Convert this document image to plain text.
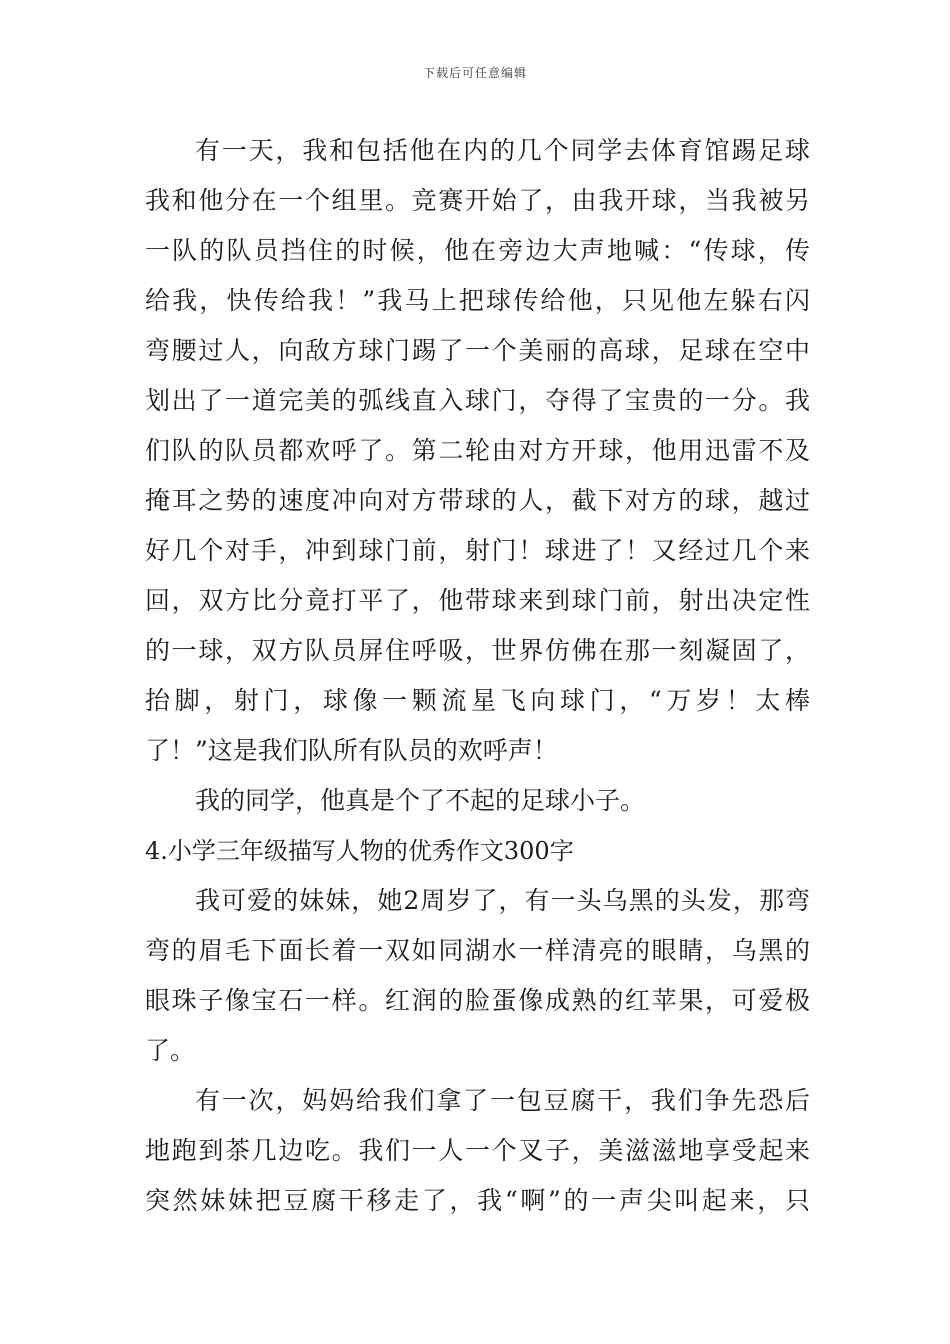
下载后可任意编辑
有一天，我和包括他在内的几个同学去体育馆踢足球
我和他分在一个组里。竞赛开始了，由我开球，当我被另
一队的队员挡住的时候，他在旁边大声地喊：“传球，传
给我，快传给我！”我马上把球传给他，只见他左躲右闪
弯腰过人，向敌方球门踢了一个美丽的高球，足球在空中
划出了一道完美的弧线直入球门，夺得了宝贵的一分。我
们队的队员都欢呼了。第二轮由对方开球，他用迅雷不及
掩耳之势的速度冲向对方带球的人，截下对方的球，越过
好几个对手，冲到球门前，射门！球进了！又经过几个来
回，双方比分竟打平了，他带球来到球门前，射出决定性
的一球，双方队员屏住呼吸，世界仿佛在那一刻凝固了，
抬脚，射门，球像一颗流星飞向球门，“万岁！太棒
了！”这是我们队所有队员的欢呼声！
我的同学，他真是个了不起的足球小子。
4.小学三年级描写人物的优秀作文300字
我可爱的妹妹，她2周岁了，有一头乌黑的头发，那弯
弯的眉毛下面长着一双如同湖水一样清亮的眼睛，乌黑的
眼珠子像宝石一样。红润的脸蛋像成熟的红苹果，可爱极
了。
有一次，妈妈给我们拿了一包豆腐干，我们争先恐后
地跑到茶几边吃。我们一人一个叉子，美滋滋地享受起来
突然妹妹把豆腐干移走了，我“啊”的一声尖叫起来，只
